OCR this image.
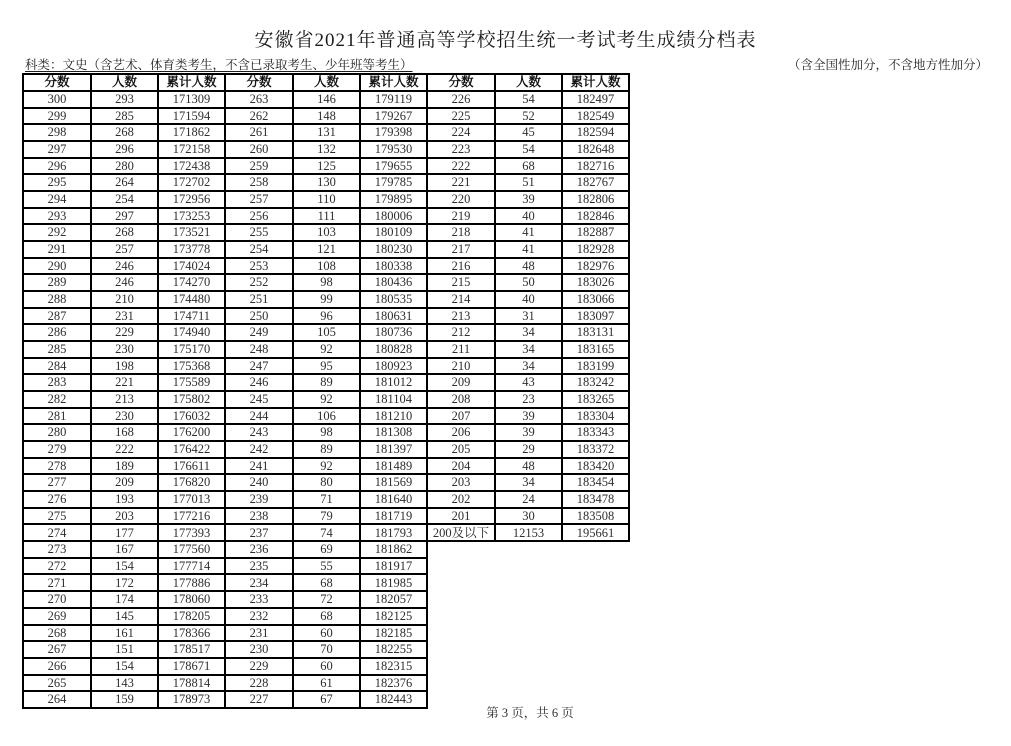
安徽省2021年普通高等学校招生统一考试考生成绩分档表
科类：文史（含艺术、体育类考生，不含已录取考生、少年班等考生）	（含全国性加分，不含地方性加分）
分数	人数	累计人数
300	293	171309
299	285	171594
298	268	171862
297	296	172158
296	280	172438
295	264	172702
294	254	172956
293	297	173253
292	268	173521
291	257	173778
290	246	174024
289	246	174270
288	210	174480
287	231	174711
286	229	174940
285	230	175170
284	198	175368
283	221	175589
282	213	175802
281	230	176032
280	168	176200
279	222	176422
278	189	176611
277	209	176820
276	193	177013
275	203	177216
274	177	177393
273	167	177560
272	154	177714
271	172	177886
270	174	178060
269	145	178205
268	161	178366
267	151	178517
266	154	178671
265	143	178814
264	159	178973
分数	人数	累计人数
263	146	179119
262	148	179267
261	131	179398
260	132	179530
259	125	179655
258	130	179785
257	110	179895
256	111	180006
255	103	180109
254	121	180230
253	108	180338
252	98	180436
251	99	180535
250	96	180631
249	105	180736
248	92	180828
247	95	180923
246	89	181012
245	92	181104
244	106	181210
243	98	181308
242	89	181397
241	92	181489
240	80	181569
239	71	181640
238	79	181719
237	74	181793
236	69	181862
235	55	181917
234	68	181985
233	72	182057
232	68	182125
231	60	182185
230	70	182255
229	60	182315
228	61	182376
227	67	182443
分数	人数	累计人数
226	54	182497
225	52	182549
224	45	182594
223	54	182648
222	68	182716
221	51	182767
220	39	182806
219	40	182846
218	41	182887
217	41	182928
216	48	182976
215	50	183026
214	40	183066
213	31	183097
212	34	183131
211	34	183165
210	34	183199
209	43	183242
208	23	183265
207	39	183304
206	39	183343
205	29	183372
204	48	183420
203	34	183454
202	24	183478
201	30	183508
200及以下	12153	195661
第 3 页，共 6 页
